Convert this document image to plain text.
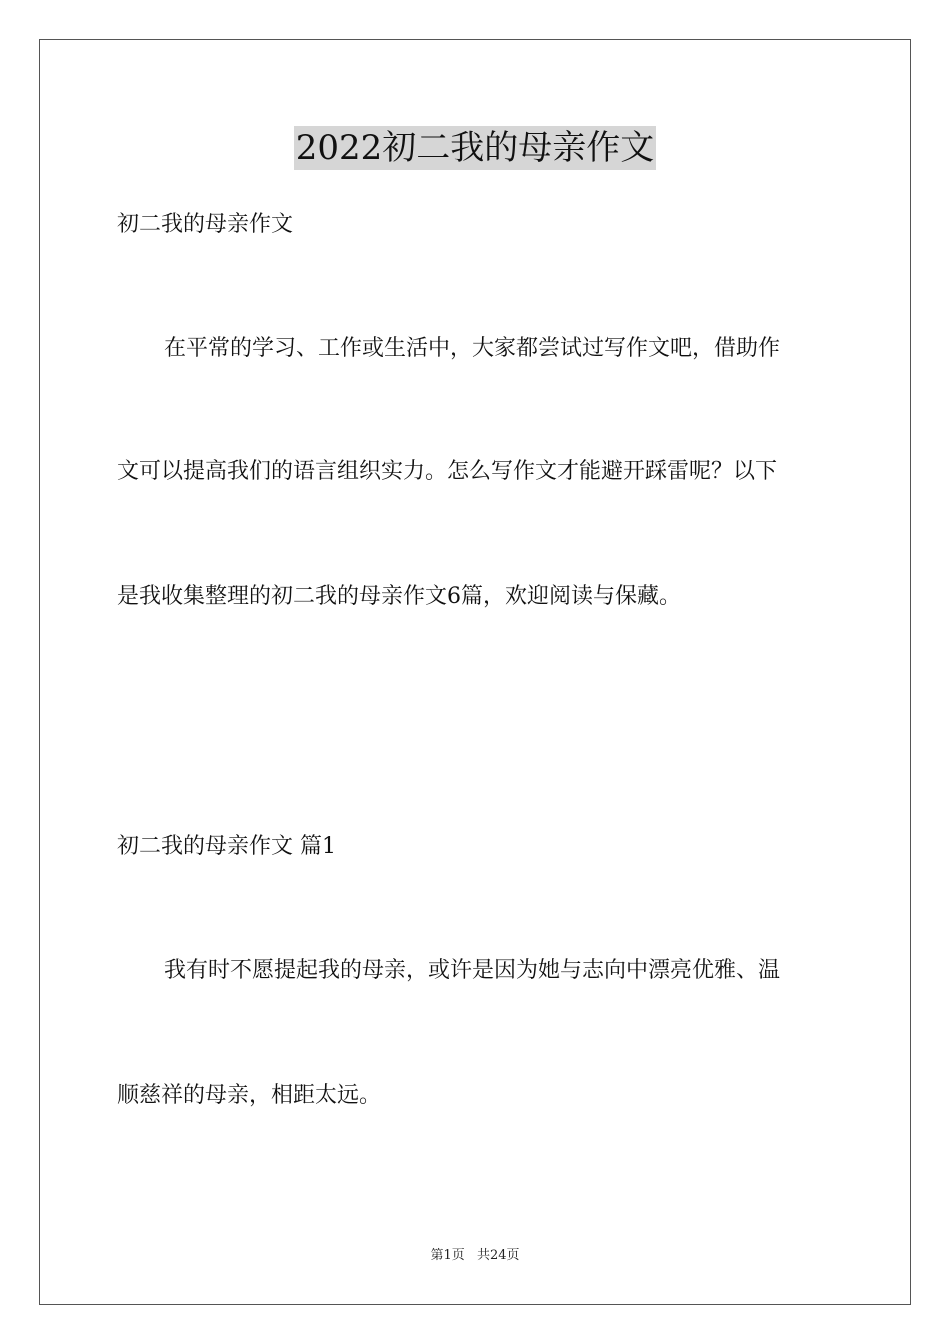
2022初二我的母亲作文
初二我的母亲作文
在平常的学习、工作或生活中，大家都尝试过写作文吧，借助作
文可以提高我们的语言组织实力。怎么写作文才能避开踩雷呢？以下
是我收集整理的初二我的母亲作文6篇，欢迎阅读与保藏。
初二我的母亲作文 篇1
我有时不愿提起我的母亲，或许是因为她与志向中漂亮优雅、温
顺慈祥的母亲，相距太远。
第1页 共24页
